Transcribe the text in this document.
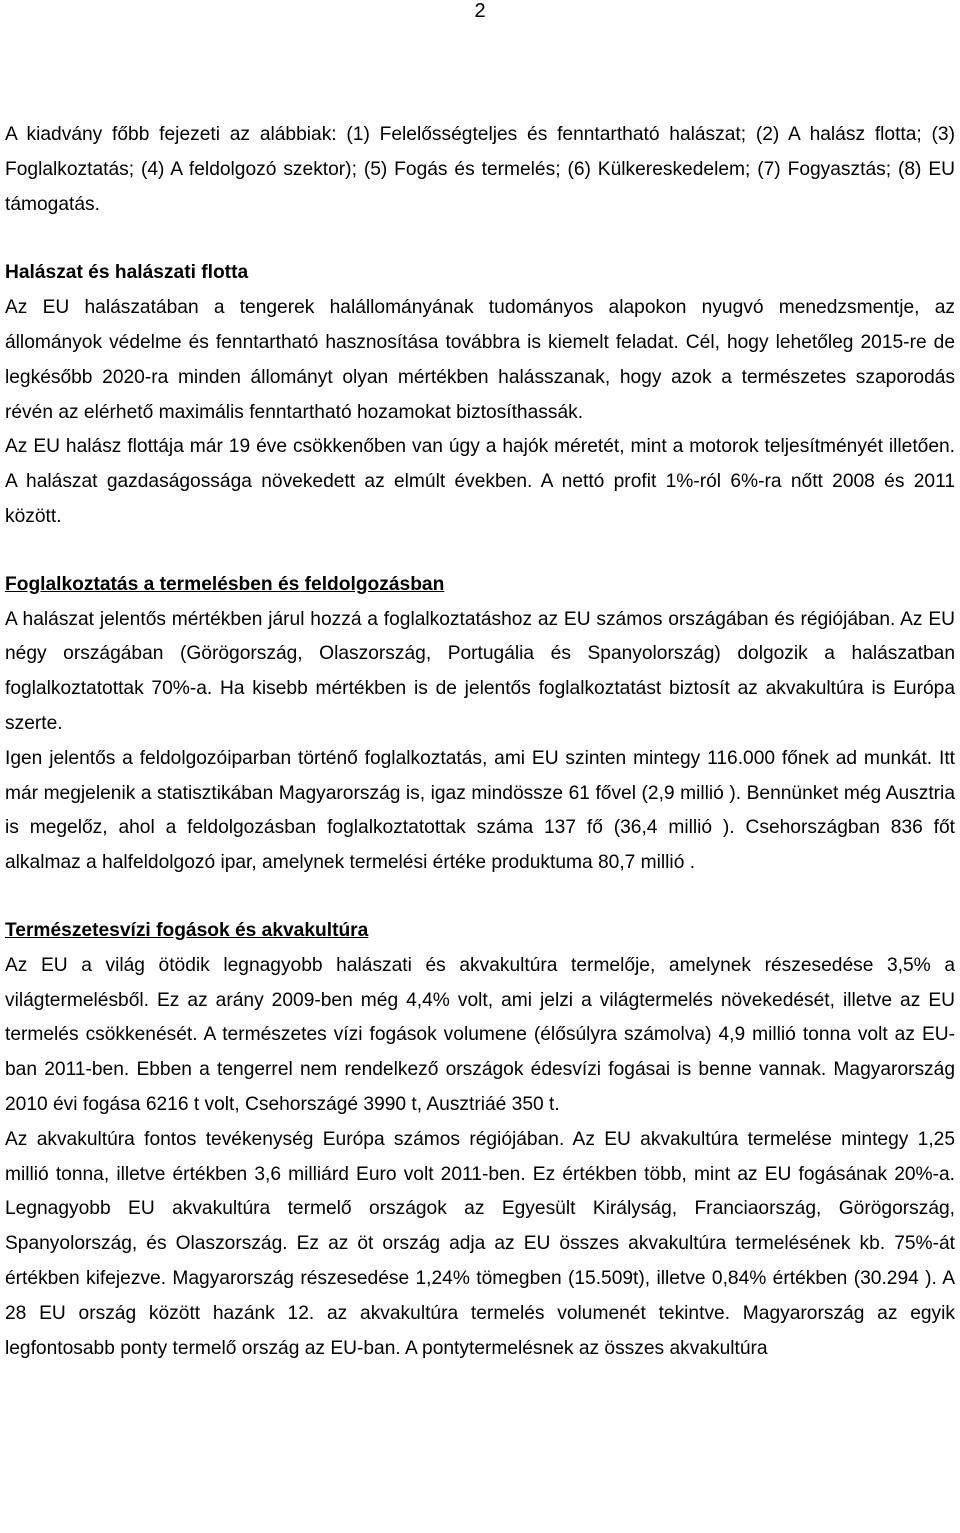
2

A kiadvány főbb fejezeti az alábbiak: (1) Felelősségteljes és fenntartható halászat; (2) A halász flotta; (3) Foglalkoztatás; (4) A feldolgozó szektor); (5) Fogás és termelés; (6) Külkereskedelem; (7) Fogyasztás; (8) EU támogatás.

Halászat és halászati flotta

Az EU halászatában a tengerek halállományának tudományos alapokon nyugvó menedzsmentje, az állományok védelme és fenntartható hasznosítása továbbra is kiemelt feladat. Cél, hogy lehetőleg 2015-re de legkésőbb 2020-ra minden állományt olyan mértékben halásszanak, hogy azok a természetes szaporodás révén az elérhető maximális fenntartható hozamokat biztosíthassák.

Az EU halász flottája már 19 éve csökkenőben van úgy a hajók méretét, mint a motorok teljesítményét illetően. A halászat gazdaságossága növekedett az elmúlt években. A nettó profit 1%-ról 6%-ra nőtt 2008 és 2011 között.

Foglalkoztatás a termelésben és feldolgozásban

A halászat jelentős mértékben járul hozzá a foglalkoztatáshoz az EU számos országában és régiójában. Az EU négy országában (Görögország, Olaszország, Portugália és Spanyolország) dolgozik a halászatban foglalkoztatottak 70%-a. Ha kisebb mértékben is de jelentős foglalkoztatást biztosít az akvakultúra is Európa szerte.

Igen jelentős a feldolgozóiparban történő foglalkoztatás, ami EU szinten mintegy 116.000 főnek ad munkát. Itt már megjelenik a statisztikában Magyarország is, igaz mindössze 61 fővel (2,9 millió ). Bennünket még Ausztria is megelőz, ahol a feldolgozásban foglalkoztatottak száma 137 fő (36,4 millió ). Csehországban 836 főt alkalmaz a halfeldolgozó ipar, amelynek termelési értéke produktuma 80,7 millió .

Természetesvízi fogások és akvakultúra

Az EU a világ ötödik legnagyobb halászati és akvakultúra termelője, amelynek részesedése 3,5% a világtermelésből. Ez az arány 2009-ben még 4,4% volt, ami jelzi a világtermelés növekedését, illetve az EU termelés csökkenését. A természetes vízi fogások volumene (élősúlyra számolva) 4,9 millió tonna volt az EU-ban 2011-ben. Ebben a tengerrel nem rendelkező országok édesvízi fogásai is benne vannak. Magyarország 2010 évi fogása 6216 t volt, Csehországé 3990 t, Ausztriáé 350 t.

Az akvakultúra fontos tevékenység Európa számos régiójában. Az EU akvakultúra termelése mintegy 1,25 millió tonna, illetve értékben 3,6 milliárd Euro volt 2011-ben. Ez értékben több, mint az EU fogásának 20%-a. Legnagyobb EU akvakultúra termelő országok az Egyesült Királyság, Franciaország, Görögország, Spanyolország, és Olaszország. Ez az öt ország adja az EU összes akvakultúra termelésének kb. 75%-át értékben kifejezve. Magyarország részesedése 1,24% tömegben (15.509t), illetve 0,84% értékben (30.294 ). A 28 EU ország között hazánk 12. az akvakultúra termelés volumenét tekintve. Magyarország az egyik legfontosabb ponty termelő ország az EU-ban. A pontytermelésnek az összes akvakultúra
